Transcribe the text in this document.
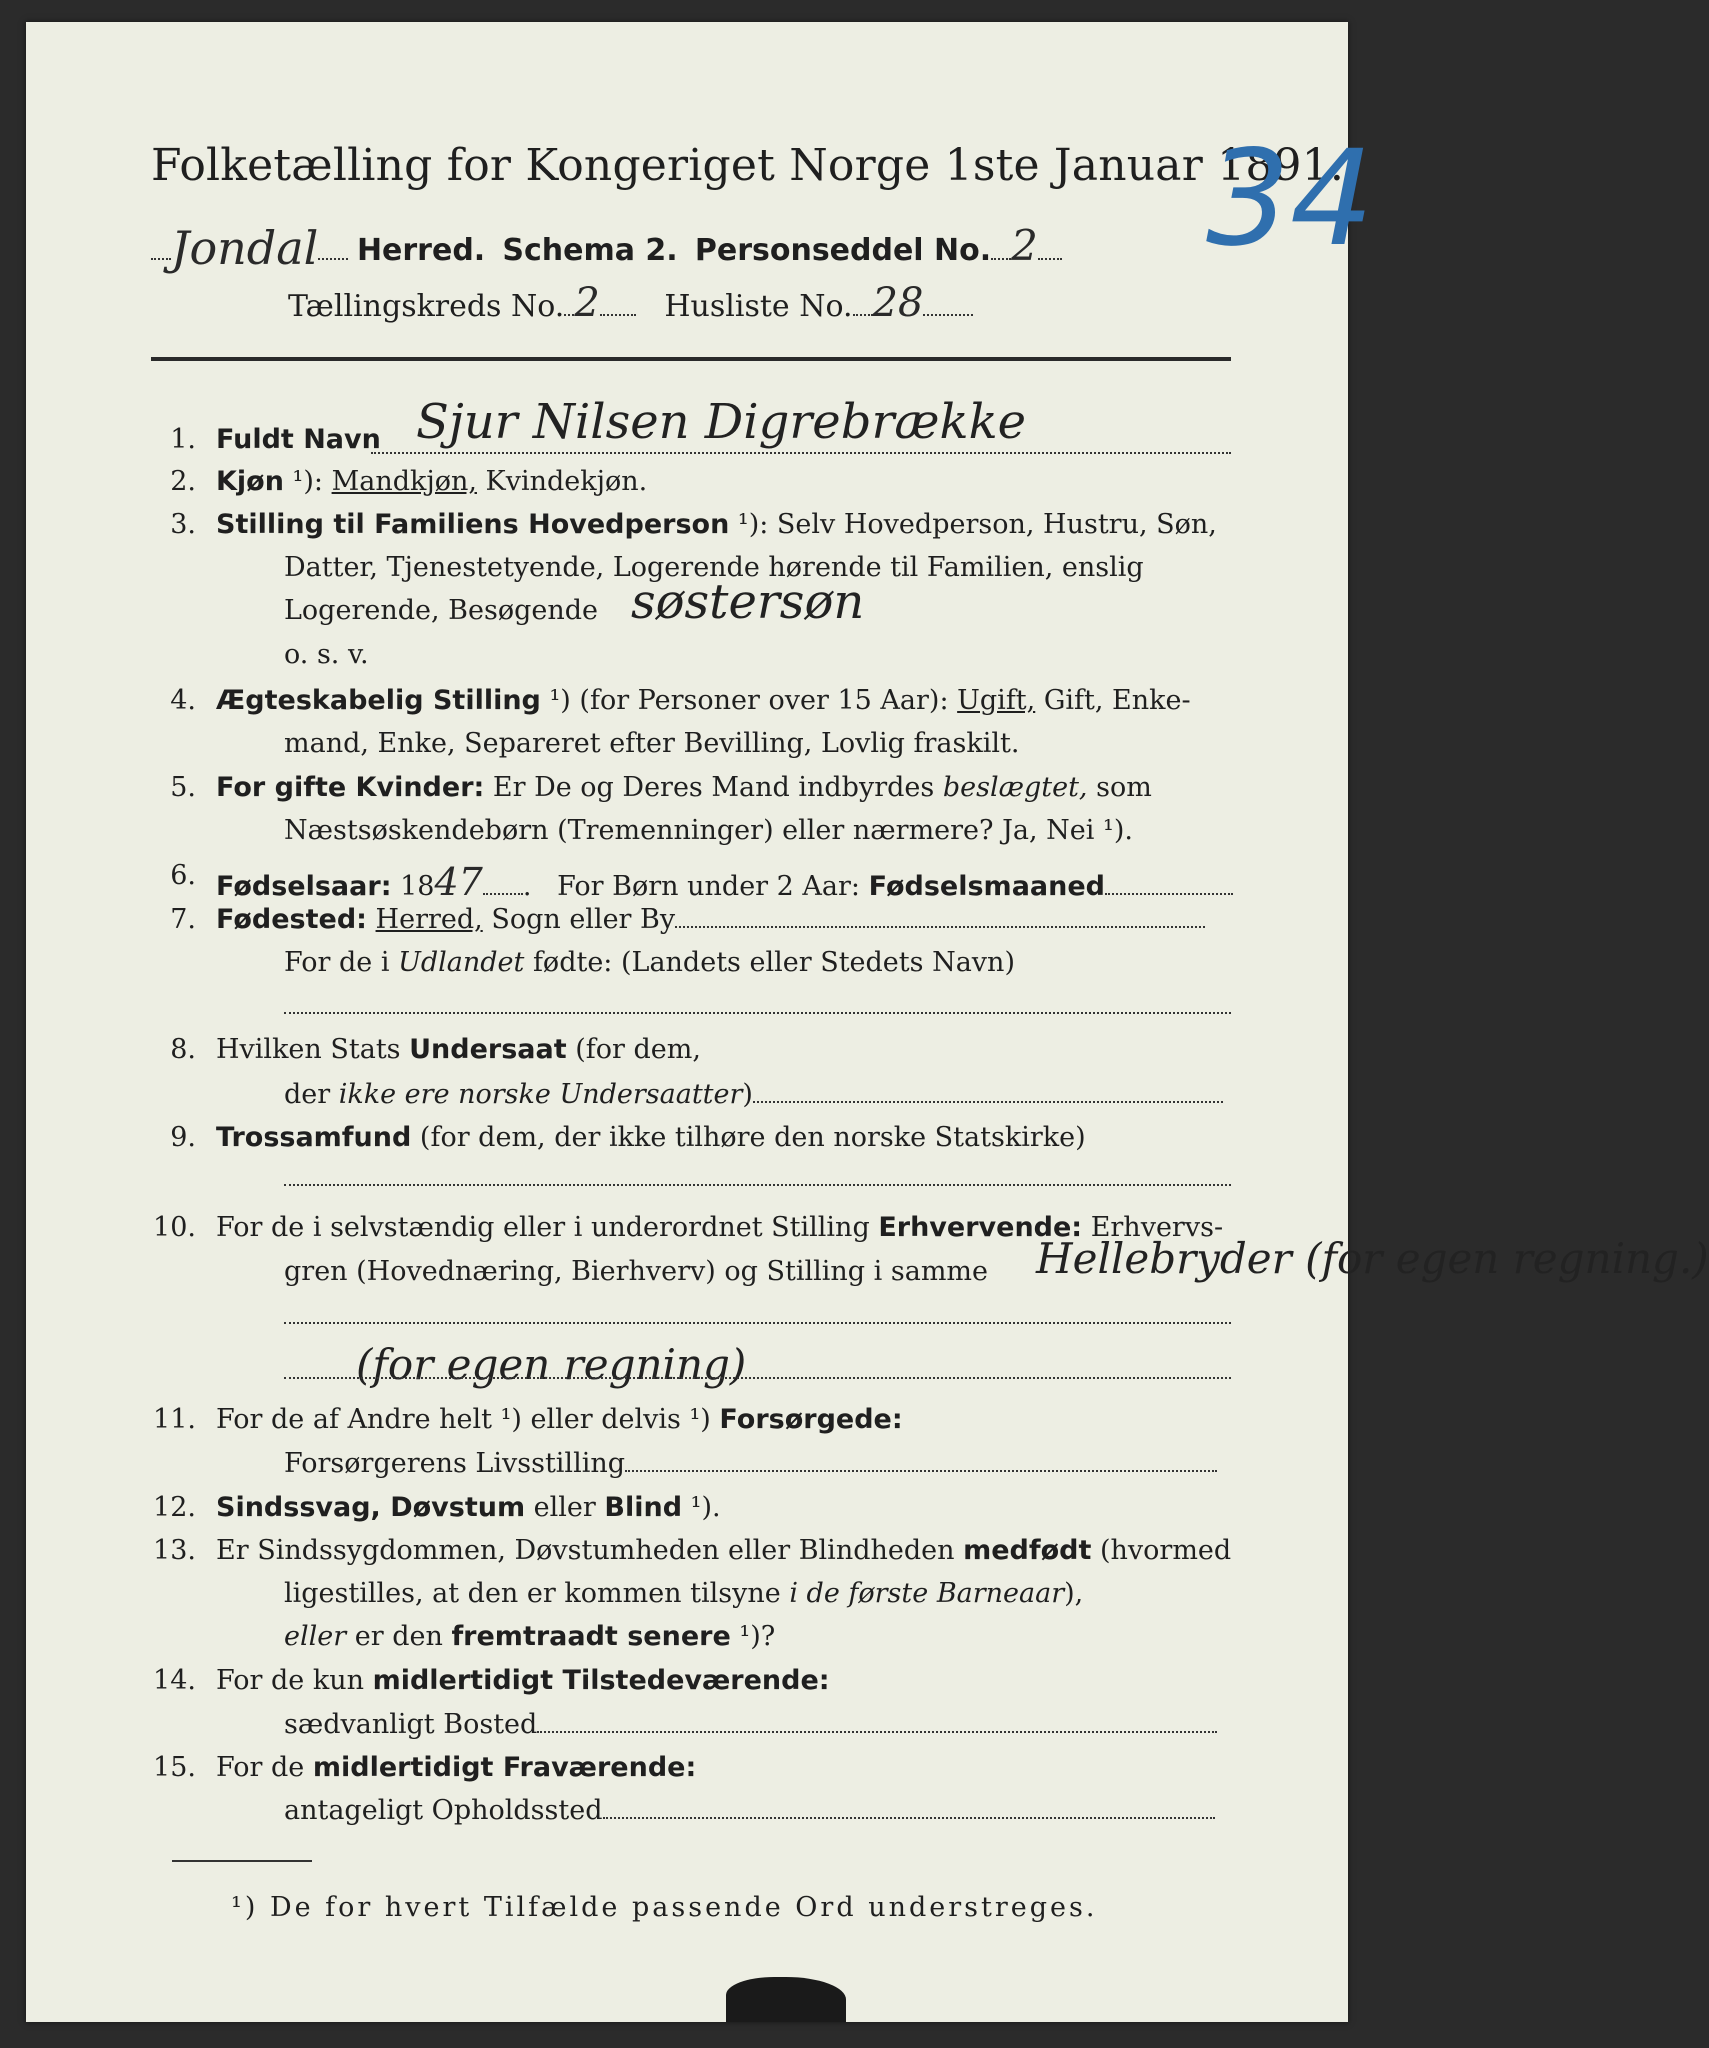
Folketælling for Kongeriget Norge 1ste Januar 1891.
34
Jondal Herred. Schema 2. Personseddel No. 2
Tællingskreds No. 2 Husliste No. 28
1. Fuldt Navn Sjur Nilsen Digrebrække
2. Kjøn ¹): Mandkjøn, Kvindekjøn.
3. Stilling til Familiens Hovedperson ¹): Selv Hovedperson, Hustru, Søn,
Datter, Tjenestetyende, Logerende hørende til Familien, enslig
Logerende, Besøgende søstersøn
o. s. v.
4. Ægteskabelig Stilling ¹) (for Personer over 15 Aar): Ugift, Gift, Enke-
mand, Enke, Separeret efter Bevilling, Lovlig fraskilt.
5. For gifte Kvinder: Er De og Deres Mand indbyrdes beslægtet, som
Næstsøskendebørn (Tremenninger) eller nærmere? Ja, Nei ¹).
6. Fødselsaar: 1847 .   For Børn under 2 Aar: Fødselsmaaned
7. Fødested: Herred, Sogn eller By
For de i Udlandet fødte: (Landets eller Stedets Navn)
8. Hvilken Stats Undersaat (for dem,
der ikke ere norske Undersaatter)
9. Trossamfund (for dem, der ikke tilhøre den norske Statskirke)
10. For de i selvstændig eller i underordnet Stilling Erhvervende: Erhvervs-
gren (Hovednæring, Bierhverv) og Stilling i samme Hellebryder (for egen regning.)
(for egen regning)
11. For de af Andre helt ¹) eller delvis ¹) Forsørgede:
Forsørgerens Livsstilling
12. Sindssvag, Døvstum eller Blind ¹).
13. Er Sindssygdommen, Døvstumheden eller Blindheden medfødt (hvormed
ligestilles, at den er kommen tilsyne i de første Barneaar),
eller er den fremtraadt senere ¹)?
14. For de kun midlertidigt Tilstedeværende:
sædvanligt Bosted
15. For de midlertidigt Fraværende:
antageligt Opholdssted
¹) De for hvert Tilfælde passende Ord understreges.
